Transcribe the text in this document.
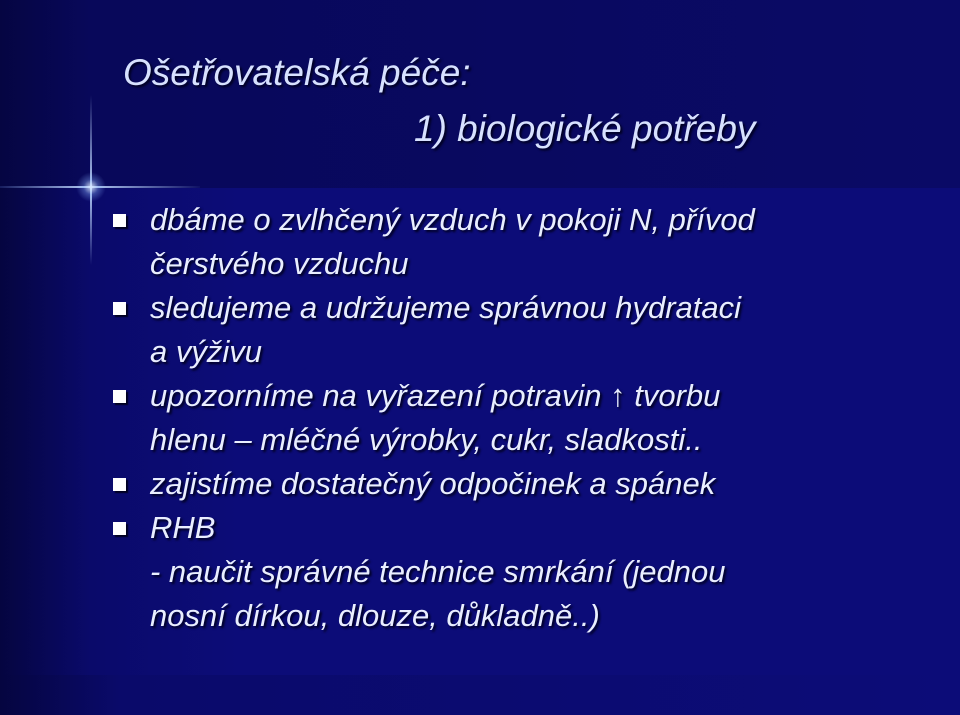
Ošetřovatelská péče:
1) biologické potřeby
dbáme o zvlhčený vzduch v pokoji N, přívod
čerstvého vzduchu
sledujeme a udržujeme správnou hydrataci
a výživu
upozorníme na vyřazení potravin ↑ tvorbu
hlenu – mléčné výrobky, cukr, sladkosti..
zajistíme dostatečný odpočinek a spánek
RHB
- naučit správné technice smrkání (jednou
nosní dírkou, dlouze, důkladně..)
